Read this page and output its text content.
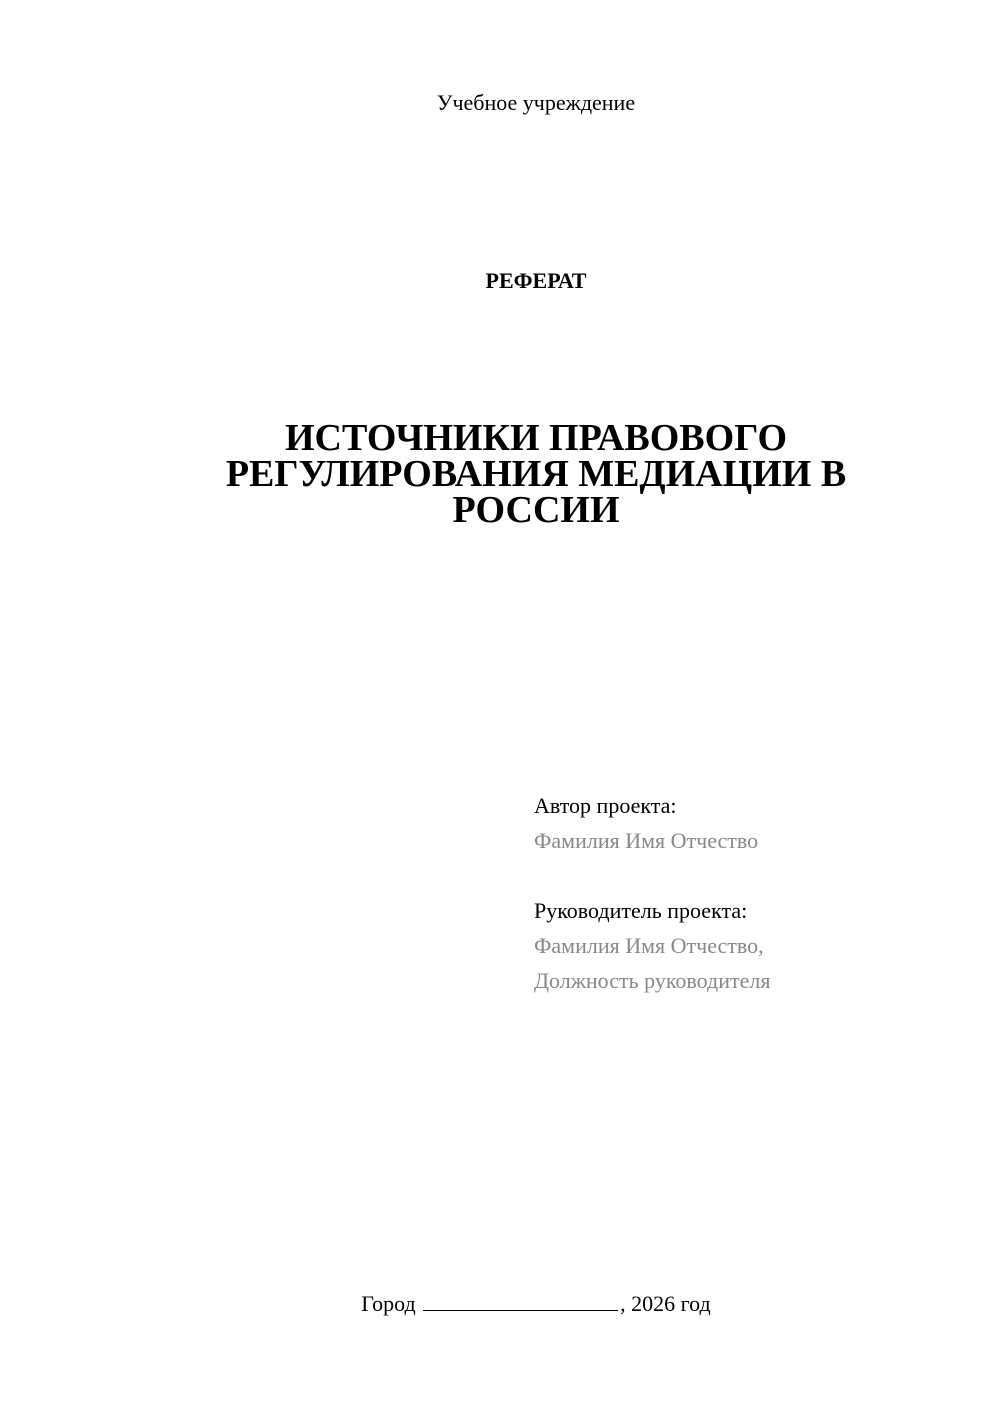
Учебное учреждение
РЕФЕРАТ
ИСТОЧНИКИ ПРАВОВОГО
РЕГУЛИРОВАНИЯ МЕДИАЦИИ В
РОССИИ
Автор проекта:
Фамилия Имя Отчество
Руководитель проекта:
Фамилия Имя Отчество,
Должность руководителя
Город	, 2026 год
